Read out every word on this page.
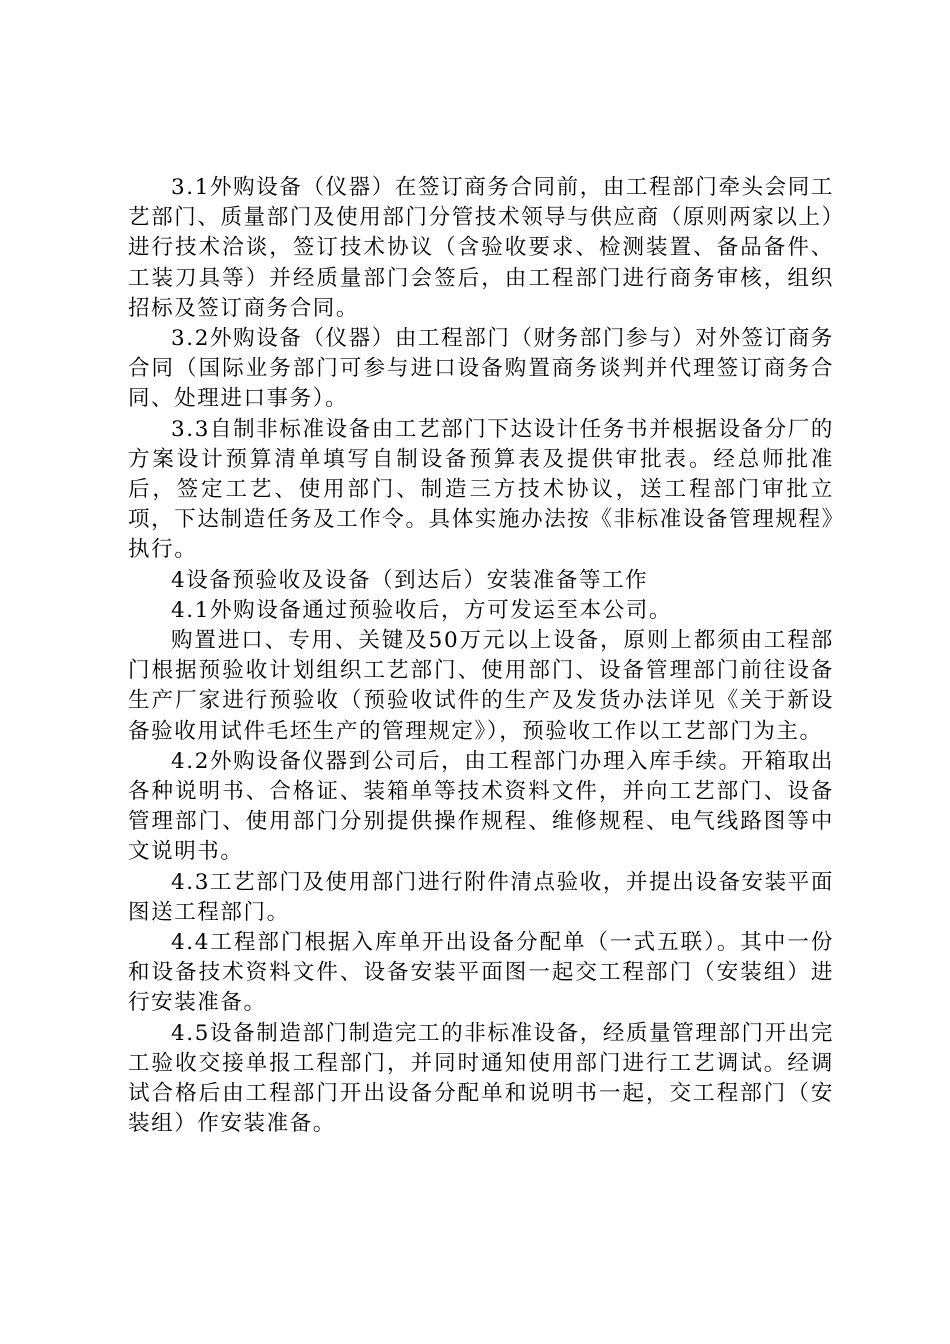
3.1外购设备（仪器）在签订商务合同前，由工程部门牵头会同工艺部门、质量部门及使用部门分管技术领导与供应商（原则两家以上）进行技术洽谈，签订技术协议（含验收要求、检测装置、备品备件、工装刀具等）并经质量部门会签后，由工程部门进行商务审核，组织招标及签订商务合同。

3.2外购设备（仪器）由工程部门（财务部门参与）对外签订商务合同（国际业务部门可参与进口设备购置商务谈判并代理签订商务合同、处理进口事务）。

3.3自制非标准设备由工艺部门下达设计任务书并根据设备分厂的方案设计预算清单填写自制设备预算表及提供审批表。经总师批准后，签定工艺、使用部门、制造三方技术协议，送工程部门审批立项，下达制造任务及工作令。具体实施办法按《非标准设备管理规程》执行。

4设备预验收及设备（到达后）安装准备等工作

4.1外购设备通过预验收后，方可发运至本公司。

购置进口、专用、关键及50万元以上设备，原则上都须由工程部门根据预验收计划组织工艺部门、使用部门、设备管理部门前往设备生产厂家进行预验收（预验收试件的生产及发货办法详见《关于新设备验收用试件毛坯生产的管理规定》），预验收工作以工艺部门为主。

4.2外购设备仪器到公司后，由工程部门办理入库手续。开箱取出各种说明书、合格证、装箱单等技术资料文件，并向工艺部门、设备管理部门、使用部门分别提供操作规程、维修规程、电气线路图等中文说明书。

4.3工艺部门及使用部门进行附件清点验收，并提出设备安装平面图送工程部门。

4.4工程部门根据入库单开出设备分配单（一式五联）。其中一份和设备技术资料文件、设备安装平面图一起交工程部门（安装组）进行安装准备。

4.5设备制造部门制造完工的非标准设备，经质量管理部门开出完工验收交接单报工程部门，并同时通知使用部门进行工艺调试。经调试合格后由工程部门开出设备分配单和说明书一起，交工程部门（安装组）作安装准备。
